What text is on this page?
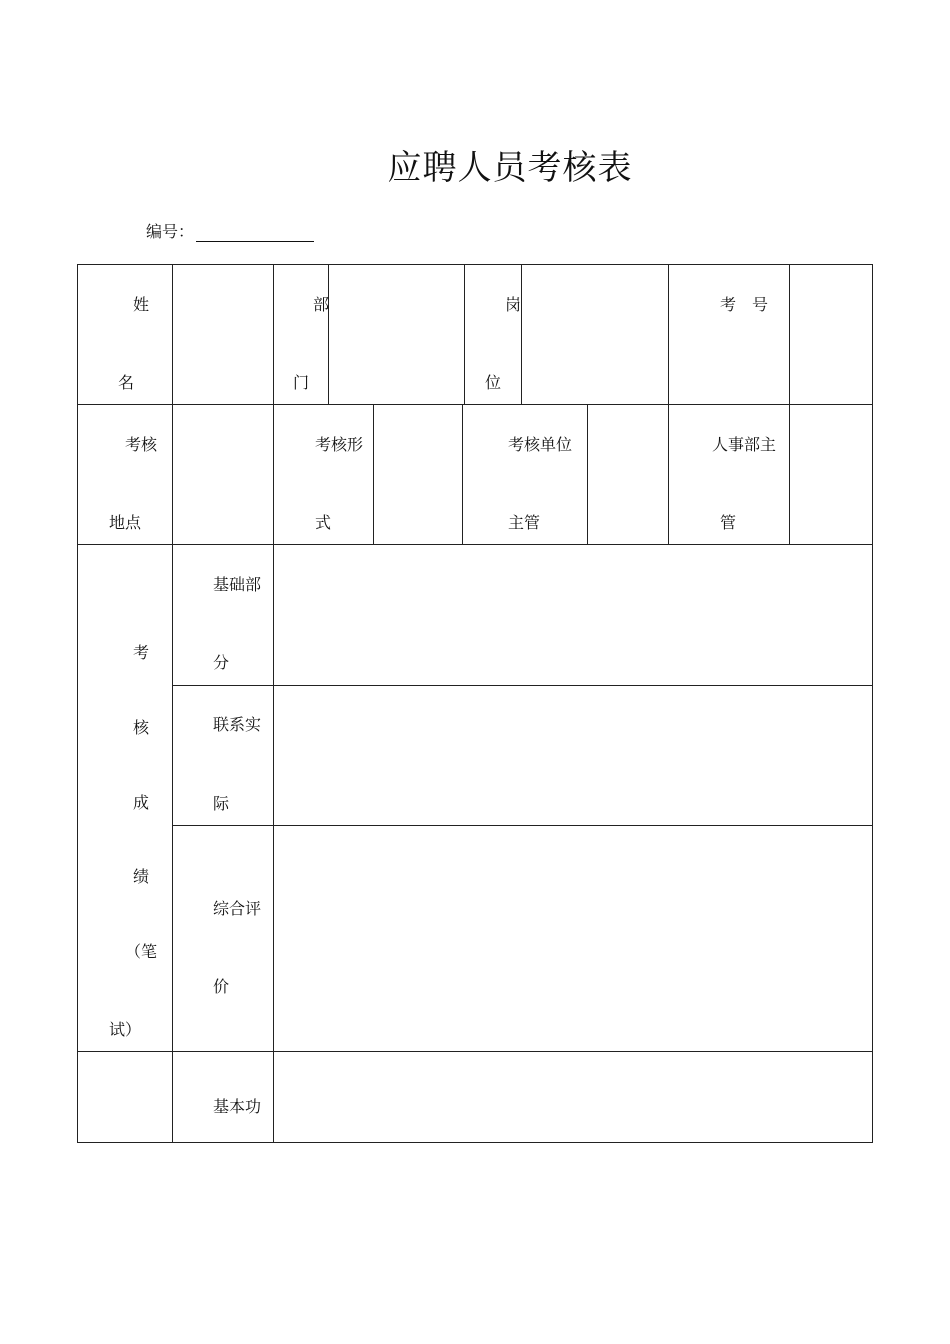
应聘人员考核表
编号：
姓
名
部
门
岗
位
考　号
考核
地点
考核形
式
考核单位
主管
人事部主
管
考
核
成
绩
（笔
试）
基础部
分
联系实
际
综合评
价
基本功
